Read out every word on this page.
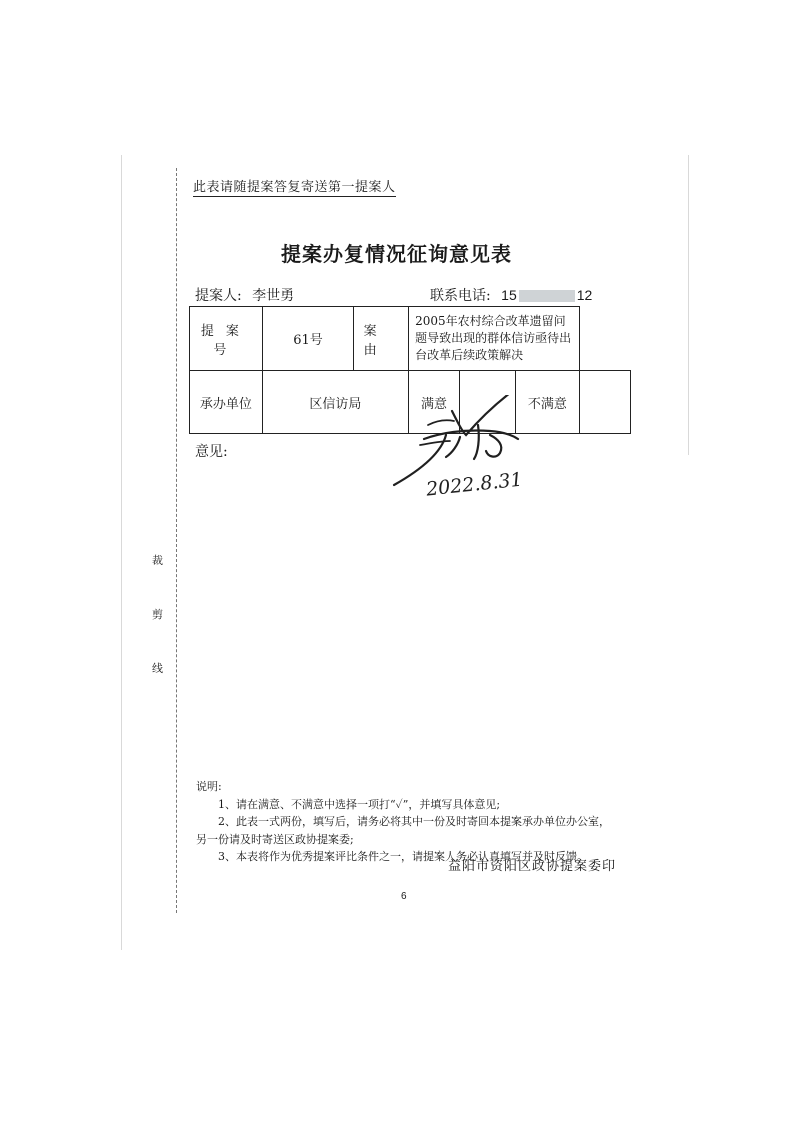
裁
剪
线
此表请随提案答复寄送第一提案人
提案办复情况征询意见表
提案人: 李世勇	联系电话: 15	12
提案号	61号	案由	2005年农村综合改革遗留问题导致出现的群体信访亟待出台改革后续政策解决			
承办单位	区信访局		满意		不满意	
意见:
2022.8.31
说明:
1、请在满意、不满意中选择一项打“✓”，并填写具体意见;
2、此表一式两份，填写后，请务必将其中一份及时寄回本提案承办单位办公室，另一份请及时寄送区政协提案委;
3、本表将作为优秀提案评比条件之一，请提案人务必认真填写并及时反馈。
益阳市资阳区政协提案委印
6
